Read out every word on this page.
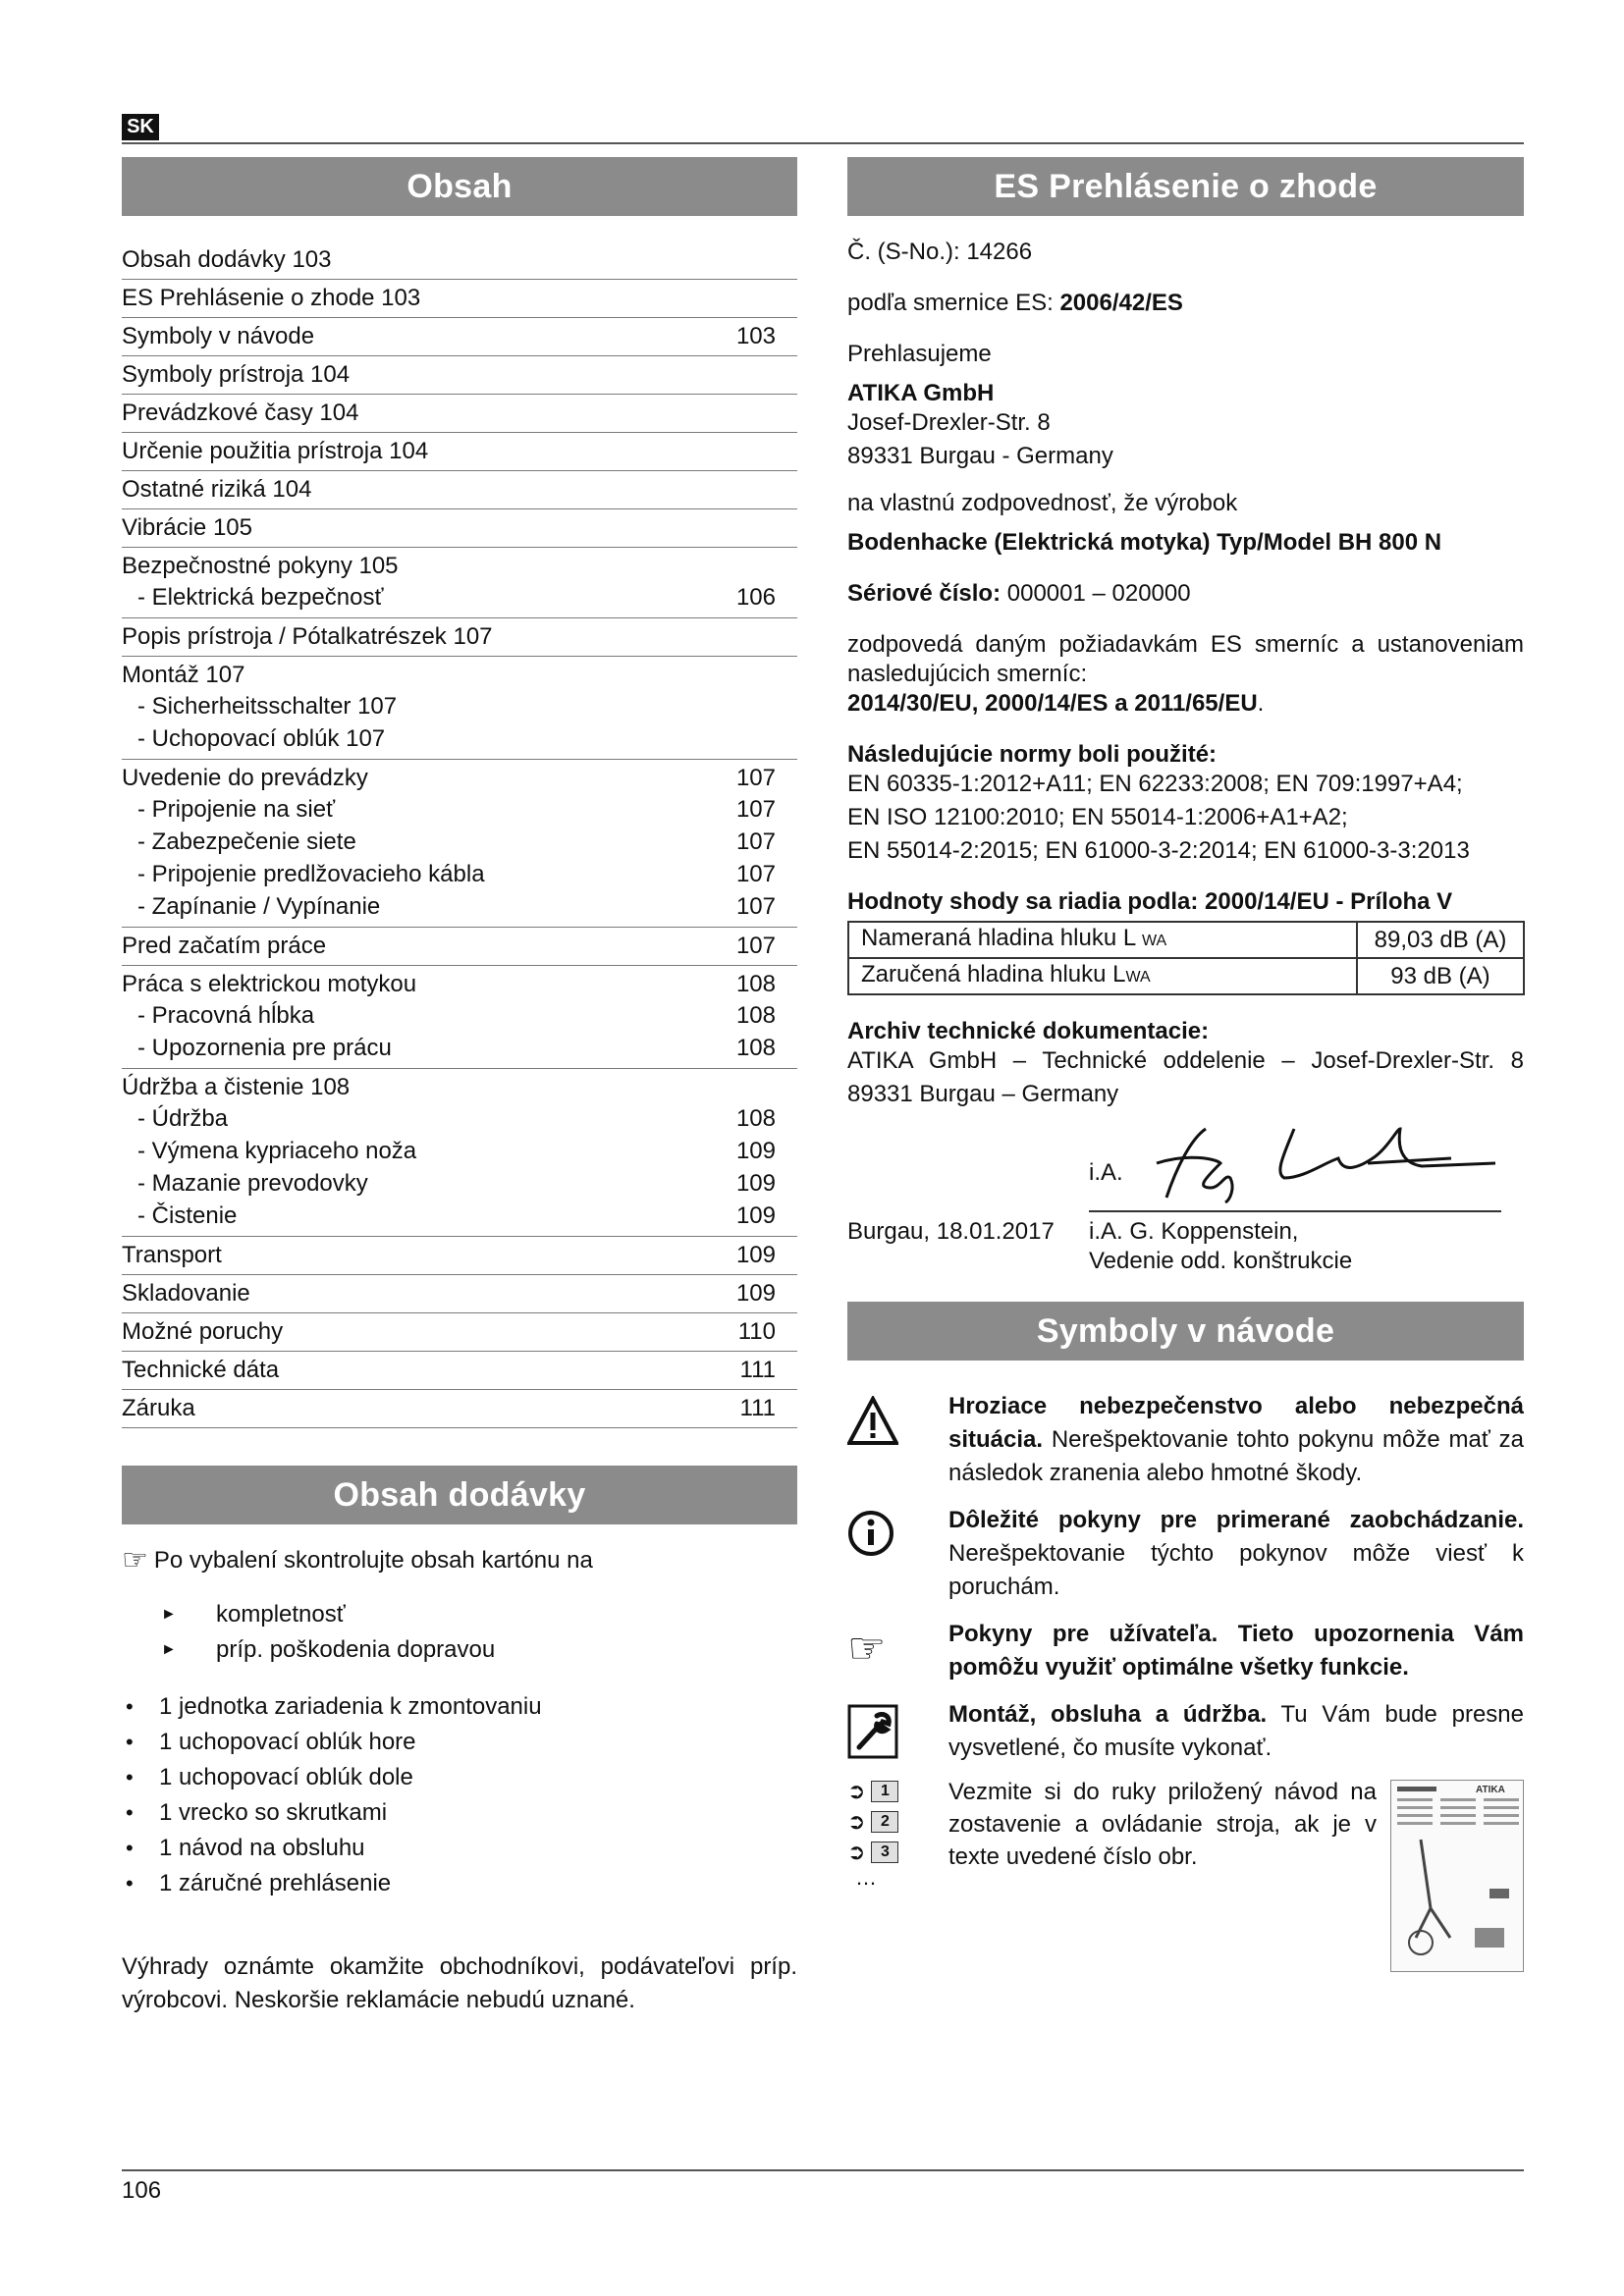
SK
Obsah
Obsah dodávky 103
ES Prehlásenie o zhode 103
Symboly v návode	103
Symboly prístroja 104
Prevádzkové časy 104
Určenie použitia prístroja 104
Ostatné riziká 104
Vibrácie 105
Bezpečnostné pokyny 105
- Elektrická bezpečnosť	106
Popis prístroja / Pótalkatrészek 107
Montáž 107
- Sicherheitsschalter 107
- Uchopovací oblúk 107
Uvedenie do prevádzky	107
- Pripojenie na sieť	107
- Zabezpečenie siete	107
- Pripojenie predlžovacieho kábla	107
- Zapínanie / Vypínanie	107
Pred začatím práce	107
Práca s elektrickou motykou	108
- Pracovná hĺbka	108
- Upozornenia pre prácu	108
Údržba a čistenie 108
- Údržba	108
- Výmena kypriaceho noža	109
- Mazanie prevodovky	109
- Čistenie	109
Transport	109
Skladovanie	109
Možné poruchy	110
Technické dáta	111
Záruka	111
Obsah dodávky
☞ Po vybalení skontrolujte obsah kartónu na
►	kompletnosť
►	príp. poškodenia dopravou
•	1 jednotka zariadenia k zmontovaniu
•	1 uchopovací oblúk hore
•	1 uchopovací oblúk dole
•	1 vrecko so skrutkami
•	1 návod na obsluhu
•	1 záručné prehlásenie

Výhrady oznámte okamžite obchodníkovi, podávateľovi príp. výrobcovi. Neskoršie reklamácie nebudú uznané.

ES Prehlásenie o zhode

Č. (S-No.): 14266

podľa smernice ES: 2006/42/ES

Prehlasujeme

ATIKA GmbH

Josef-Drexler-Str. 8

89331 Burgau - Germany

na vlastnú zodpovednosť, že výrobok

Bodenhacke (Elektrická motyka) Typ/Model BH 800 N

Sériové číslo: 000001 – 020000

zodpovedá daným požiadavkám ES smerníc a ustanoveniam nasledujúcich smerníc:

2014/30/EU, 2000/14/ES a 2011/65/EU.

Následujúcie normy boli použité:

EN 60335-1:2012+A11; EN 62233:2008; EN 709:1997+A4;

EN ISO 12100:2010; EN 55014-1:2006+A1+A2;

EN 55014-2:2015; EN 61000-3-2:2014; EN 61000-3-3:2013

Hodnoty shody sa riadia podla: 2000/14/EU - Príloha V

Nameraná hladina hluku L WA	89,03 dB (A)
Zaručená hladina hluku LWA	93 dB (A)

Archiv technické dokumentacie:

ATIKA GmbH – Technické oddelenie – Josef-Drexler-Str. 8

89331 Burgau – Germany

i.A.
Burgau, 18.01.2017 i.A. G. Koppenstein,
Vedenie odd. konštrukcie
Symboly v návode
Hroziace nebezpečenstvo alebo nebezpečná situácia. Nerešpektovanie tohto pokynu môže mať za následok zranenia alebo hmotné škody.
Dôležité pokyny pre primerané zaobchádzanie. Nerešpektovanie týchto pokynov môže viesť k poruchám.
☞	Pokyny pre užívateľa. Tieto upozornenia Vám pomôžu využiť optimálne všetky funkcie.
Montáž, obsluha a údržba. Tu Vám bude presne vysvetlené, čo musíte vykonať.
➲ 1
➲ 2
➲ 3
…
Vezmite si do ruky priložený návod na zostavenie a ovládanie stroja, ak je v texte uvedené číslo obr.
ATIKA
106
